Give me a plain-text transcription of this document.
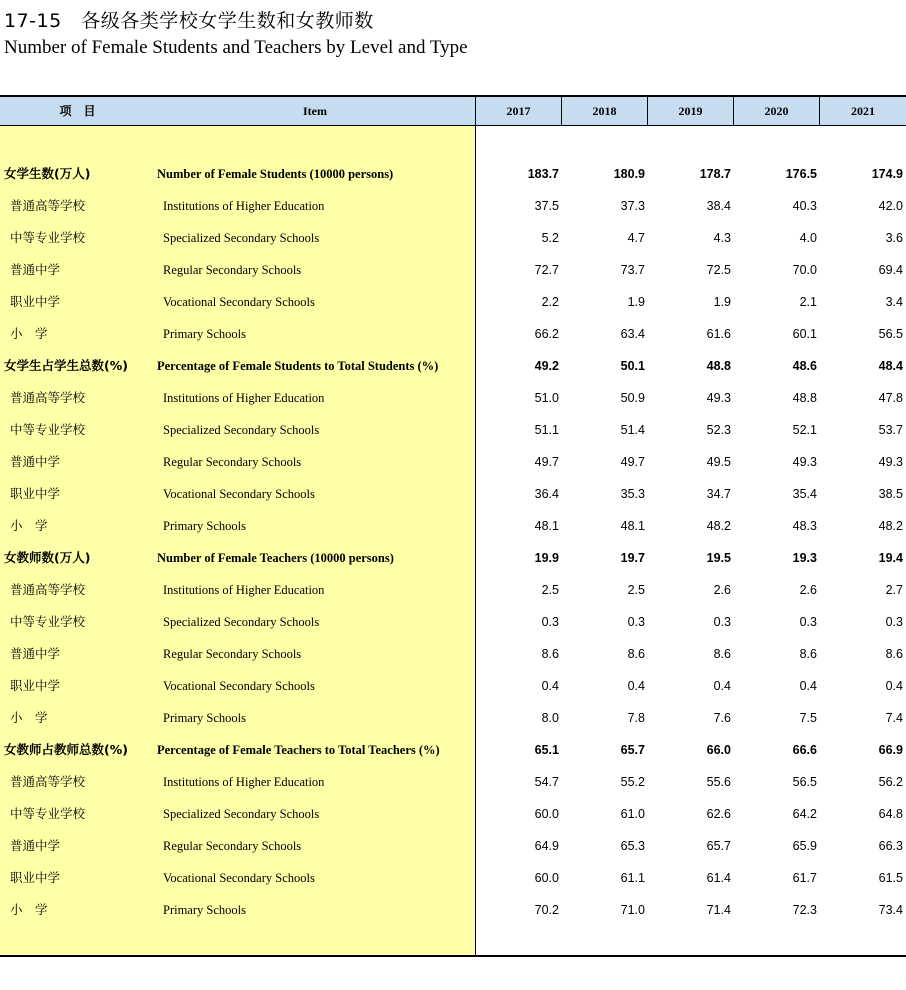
17-15　各级各类学校女学生数和女教师数
Number of Female Students and Teachers by Level and Type
项　目	Item	2017	2018	2019	2020	2021
女学生数(万人)	Number of Female Students (10000 persons)	183.7	180.9	178.7	176.5	174.9
普通高等学校	Institutions of Higher Education	37.5	37.3	38.4	40.3	42.0
中等专业学校	Specialized Secondary Schools	5.2	4.7	4.3	4.0	3.6
普通中学	Regular Secondary Schools	72.7	73.7	72.5	70.0	69.4
职业中学	Vocational Secondary Schools	2.2	1.9	1.9	2.1	3.4
小　学	Primary Schools	66.2	63.4	61.6	60.1	56.5
女学生占学生总数(%) Percentage of Female Students to Total Students (%)	49.2	50.1	48.8	48.6	48.4
普通高等学校	Institutions of Higher Education	51.0	50.9	49.3	48.8	47.8
中等专业学校	Specialized Secondary Schools	51.1	51.4	52.3	52.1	53.7
普通中学	Regular Secondary Schools	49.7	49.7	49.5	49.3	49.3
职业中学	Vocational Secondary Schools	36.4	35.3	34.7	35.4	38.5
小　学	Primary Schools	48.1	48.1	48.2	48.3	48.2
女教师数(万人)	Number of Female Teachers (10000 persons)	19.9	19.7	19.5	19.3	19.4
普通高等学校	Institutions of Higher Education	2.5	2.5	2.6	2.6	2.7
中等专业学校	Specialized Secondary Schools	0.3	0.3	0.3	0.3	0.3
普通中学	Regular Secondary Schools	8.6	8.6	8.6	8.6	8.6
职业中学	Vocational Secondary Schools	0.4	0.4	0.4	0.4	0.4
小　学	Primary Schools	8.0	7.8	7.6	7.5	7.4
女教师占教师总数(%) Percentage of Female Teachers to Total Teachers (%)	65.1	65.7	66.0	66.6	66.9
普通高等学校	Institutions of Higher Education	54.7	55.2	55.6	56.5	56.2
中等专业学校	Specialized Secondary Schools	60.0	61.0	62.6	64.2	64.8
普通中学	Regular Secondary Schools	64.9	65.3	65.7	65.9	66.3
职业中学	Vocational Secondary Schools	60.0	61.1	61.4	61.7	61.5
小　学	Primary Schools	70.2	71.0	71.4	72.3	73.4
